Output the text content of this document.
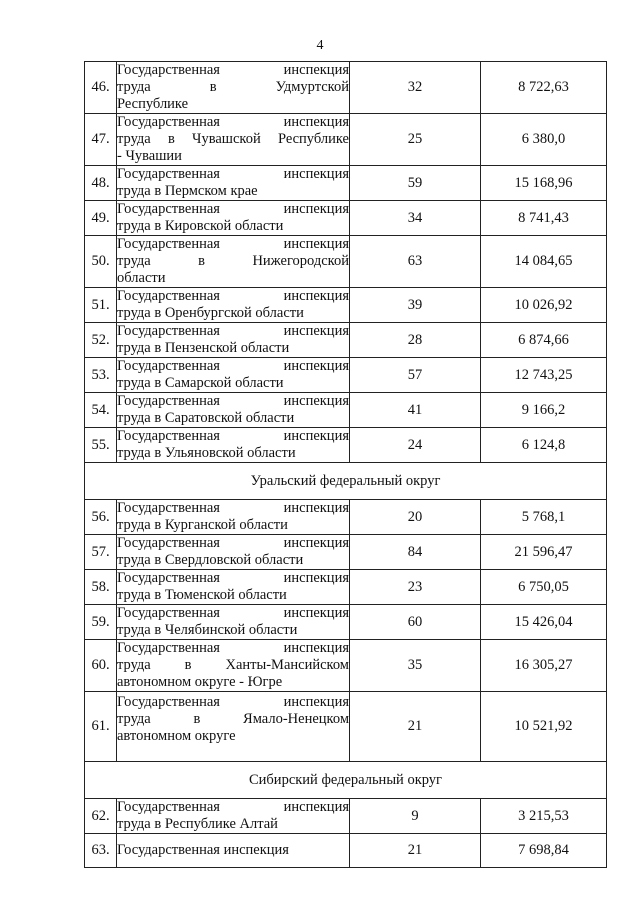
4
46.	Государственная инспекция
труда в Удмуртской
Республике	32	8 722,63
47.	Государственная инспекция
труда в Чувашской Республике
- Чувашии	25	6 380,0
48.	Государственная инспекция
труда в Пермском крае	59	15 168,96
49.	Государственная инспекция
труда в Кировской области	34	8 741,43
50.	Государственная инспекция
труда в Нижегородской
области	63	14 084,65
51.	Государственная инспекция
труда в Оренбургской области	39	10 026,92
52.	Государственная инспекция
труда в Пензенской области	28	6 874,66
53.	Государственная инспекция
труда в Самарской области	57	12 743,25
54.	Государственная инспекция
труда в Саратовской области	41	9 166,2
55.	Государственная инспекция
труда в Ульяновской области	24	6 124,8
Уральский федеральный округ			
56.	Государственная инспекция
труда в Курганской области	20	5 768,1
57.	Государственная инспекция
труда в Свердловской области	84	21 596,47
58.	Государственная инспекция
труда в Тюменской области	23	6 750,05
59.	Государственная инспекция
труда в Челябинской области	60	15 426,04
60.	Государственная инспекция
труда в Ханты-Мансийском
автономном округе - Югре	35	16 305,27
61.	Государственная инспекция
труда в Ямало-Ненецком
автономном округе	21	10 521,92
Сибирский федеральный округ			
62.	Государственная инспекция
труда в Республике Алтай	9	3 215,53
63.	Государственная инспекция	21	7 698,84
